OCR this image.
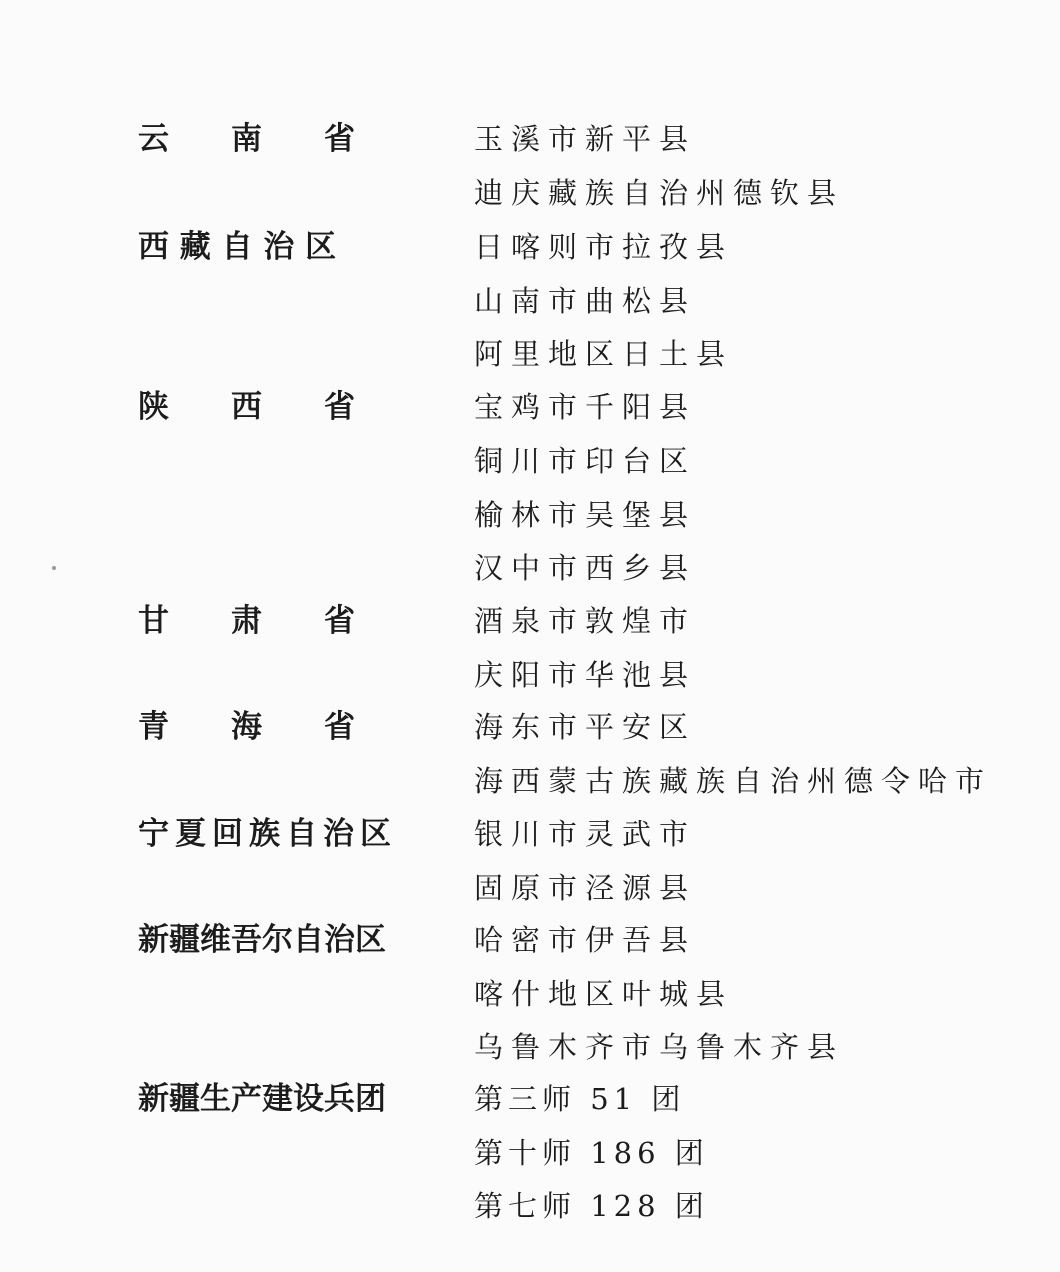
云　　南　　省	玉溪市新平县
迪庆藏族自治州德钦县
西 藏 自 治 区	日喀则市拉孜县
山南市曲松县
阿里地区日土县
陕　　西　　省	宝鸡市千阳县
铜川市印台区
榆林市吴堡县
汉中市西乡县
甘　　肃　　省	酒泉市敦煌市
庆阳市华池县
青　　海　　省	海东市平安区
海西蒙古族藏族自治州德令哈市
宁夏回族自治区	银川市灵武市
固原市泾源县
新疆维吾尔自治区	哈密市伊吾县
喀什地区叶城县
乌鲁木齐市乌鲁木齐县
新疆生产建设兵团	第三师 51 团
第十师 186 团
第七师 128 团
